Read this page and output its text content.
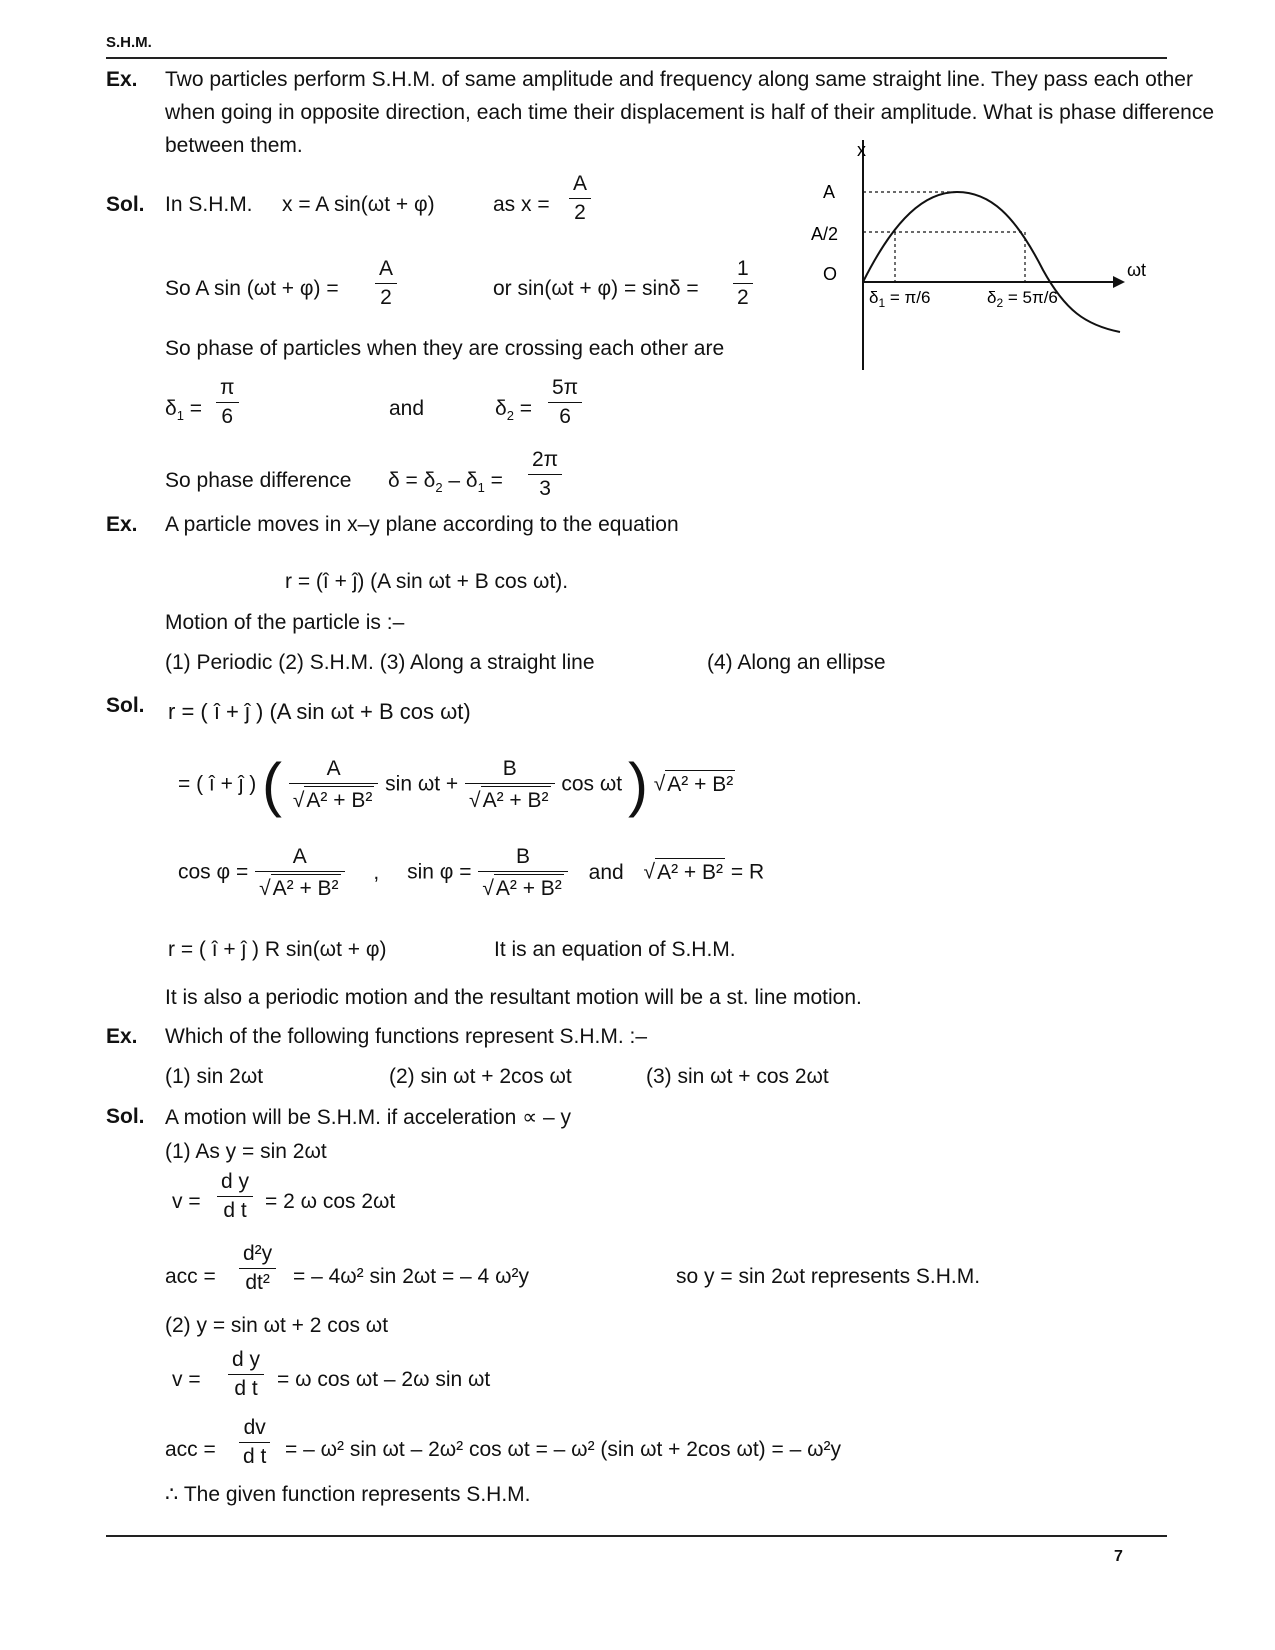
S.H.M.
Ex. Two particles perform S.H.M. of same amplitude and frequency along same straight line. They pass each other
when going in opposite direction, each time their displacement is half of their amplitude. What is phase difference
between them.
Sol. In S.H.M. x = A sin(ωt + φ)	as $x = \frac{A}{2}$
So A $\sin (\omega t + \varphi) = \frac{A}{2}$	or $\sin(\omega t + \varphi) = \sin\delta = \frac{1}{2}$
So phase of particles when they are crossing each other are
$\delta_1 = \frac{\pi}{6}$	and	$\delta_2 = \frac{5\pi}{6}$
So phase difference $\delta = \delta_2 - \delta_1 = \frac{2\pi}{3}$
x
A
A/2
O	ωt
$\delta_1 = \pi/6$	$\delta_2 = 5\pi/6$
Ex. A particle moves in x–y plane according to the equation
r = (î + ĵ) (A sin ωt + B cos ωt).
Motion of the particle is :–
(1) Periodic (2) S.H.M. (3) Along a straight line	(4) Along an ellipse
Sol. r = ( î + ĵ ) (A sin ωt + B cos ωt)
= ( î + ĵ ) ( $\frac{A}{\text{√A² + B²}}$ $\sin \omega t + \frac{B}{\text{√A² + B²}}$ cos ωt ) √A² + B²
$\cos \varphi = \frac{A}{\text{√A² + B²}}$ , $\sin \varphi = \frac{B}{\text{√A² + B²}}$ and √A² + B² = R
r = ( î + ĵ ) R sin(ωt + φ)	It is an equation of S.H.M.
It is also a periodic motion and the resultant motion will be a st. line motion.
Ex. Which of the following functions represent S.H.M. :–
(1) sin 2ωt	(2) sin ωt + 2cos ωt	(3) sin ωt + cos 2ωt
Sol. A motion will be S.H.M. if acceleration ∝ – y
(1) As y = sin 2ωt
$v = \frac{\text{d y}}{\text{d t}} = 2$ ω cos 2ωt
acc = $\frac{\text{d²y}}{\text{dt²}}$ = – 4ω² sin 2ωt = – 4 ω²y	so y = sin 2ωt represents S.H.M.
(2) y = sin ωt + 2 cos ωt
$v = \frac{\text{d y}}{\text{d t}} = \omega$ cos ωt – 2ω sin ωt
acc = $\frac{dv}{\text{d t}}$ = – ω² sin ωt – 2ω² cos ωt = – ω² (sin ωt + 2cos ωt) = – ω²y
∴ The given function represents S.H.M.
7
